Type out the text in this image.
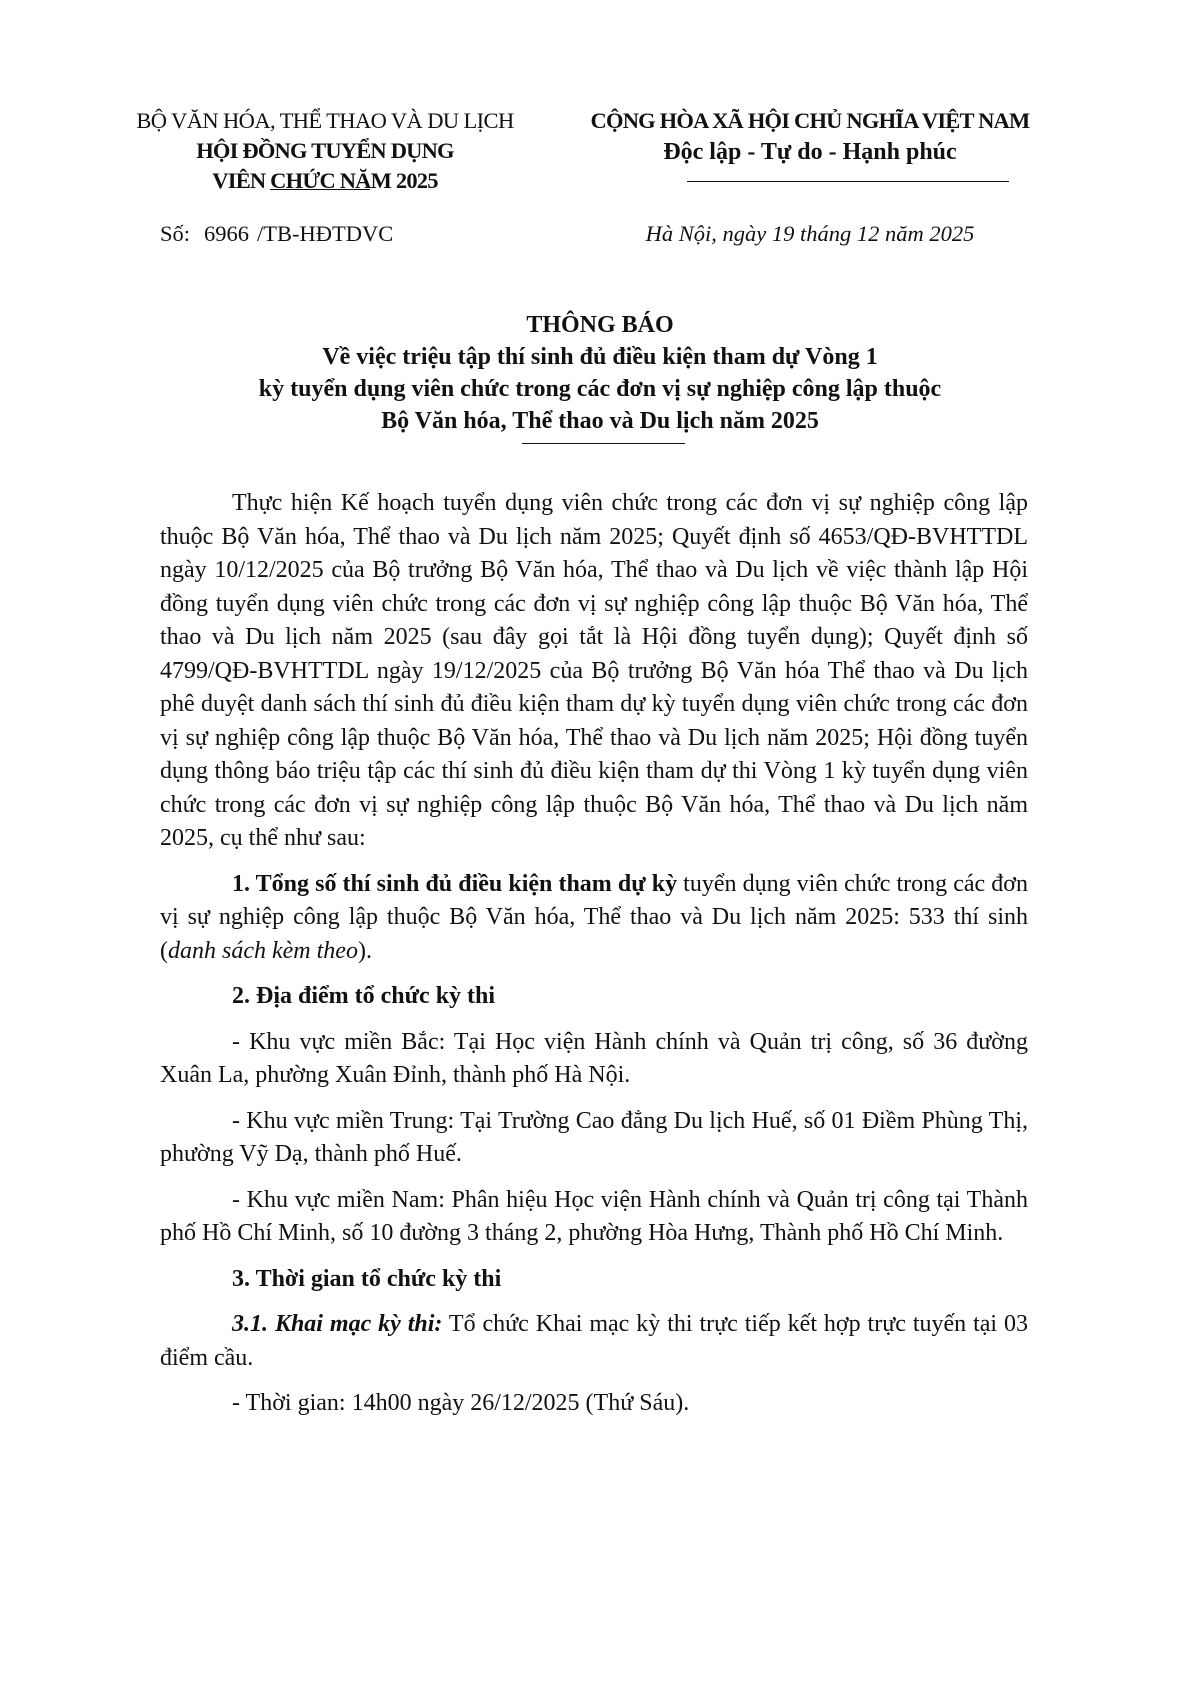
BỘ VĂN HÓA, THỂ THAO VÀ DU LỊCH
HỘI ĐỒNG TUYỂN DỤNG
VIÊN CHỨC NĂM 2025
CỘNG HÒA XÃ HỘI CHỦ NGHĨA VIỆT NAM
Độc lập - Tự do - Hạnh phúc
Số: 6966 /TB-HĐTDVC	Hà Nội, ngày 19 tháng 12 năm 2025
THÔNG BÁO
Về việc triệu tập thí sinh đủ điều kiện tham dự Vòng 1
kỳ tuyển dụng viên chức trong các đơn vị sự nghiệp công lập thuộc
Bộ Văn hóa, Thể thao và Du lịch năm 2025

Thực hiện Kế hoạch tuyển dụng viên chức trong các đơn vị sự nghiệp công lập thuộc Bộ Văn hóa, Thể thao và Du lịch năm 2025; Quyết định số 4653/QĐ-BVHTTDL ngày 10/12/2025 của Bộ trưởng Bộ Văn hóa, Thể thao và Du lịch về việc thành lập Hội đồng tuyển dụng viên chức trong các đơn vị sự nghiệp công lập thuộc Bộ Văn hóa, Thể thao và Du lịch năm 2025 (sau đây gọi tắt là Hội đồng tuyển dụng); Quyết định số 4799/QĐ-BVHTTDL ngày 19/12/2025 của Bộ trưởng Bộ Văn hóa Thể thao và Du lịch phê duyệt danh sách thí sinh đủ điều kiện tham dự kỳ tuyển dụng viên chức trong các đơn vị sự nghiệp công lập thuộc Bộ Văn hóa, Thể thao và Du lịch năm 2025; Hội đồng tuyển dụng thông báo triệu tập các thí sinh đủ điều kiện tham dự thi Vòng 1 kỳ tuyển dụng viên chức trong các đơn vị sự nghiệp công lập thuộc Bộ Văn hóa, Thể thao và Du lịch năm 2025, cụ thể như sau:

1. Tổng số thí sinh đủ điều kiện tham dự kỳ tuyển dụng viên chức trong các đơn vị sự nghiệp công lập thuộc Bộ Văn hóa, Thể thao và Du lịch năm 2025: 533 thí sinh (danh sách kèm theo).

2. Địa điểm tổ chức kỳ thi

- Khu vực miền Bắc: Tại Học viện Hành chính và Quản trị công, số 36 đường Xuân La, phường Xuân Đỉnh, thành phố Hà Nội.

- Khu vực miền Trung: Tại Trường Cao đẳng Du lịch Huế, số 01 Điềm Phùng Thị, phường Vỹ Dạ, thành phố Huế.

- Khu vực miền Nam: Phân hiệu Học viện Hành chính và Quản trị công tại Thành phố Hồ Chí Minh, số 10 đường 3 tháng 2, phường Hòa Hưng, Thành phố Hồ Chí Minh.

3. Thời gian tổ chức kỳ thi

3.1. Khai mạc kỳ thi: Tổ chức Khai mạc kỳ thi trực tiếp kết hợp trực tuyến tại 03 điểm cầu.

- Thời gian: 14h00 ngày 26/12/2025 (Thứ Sáu).
